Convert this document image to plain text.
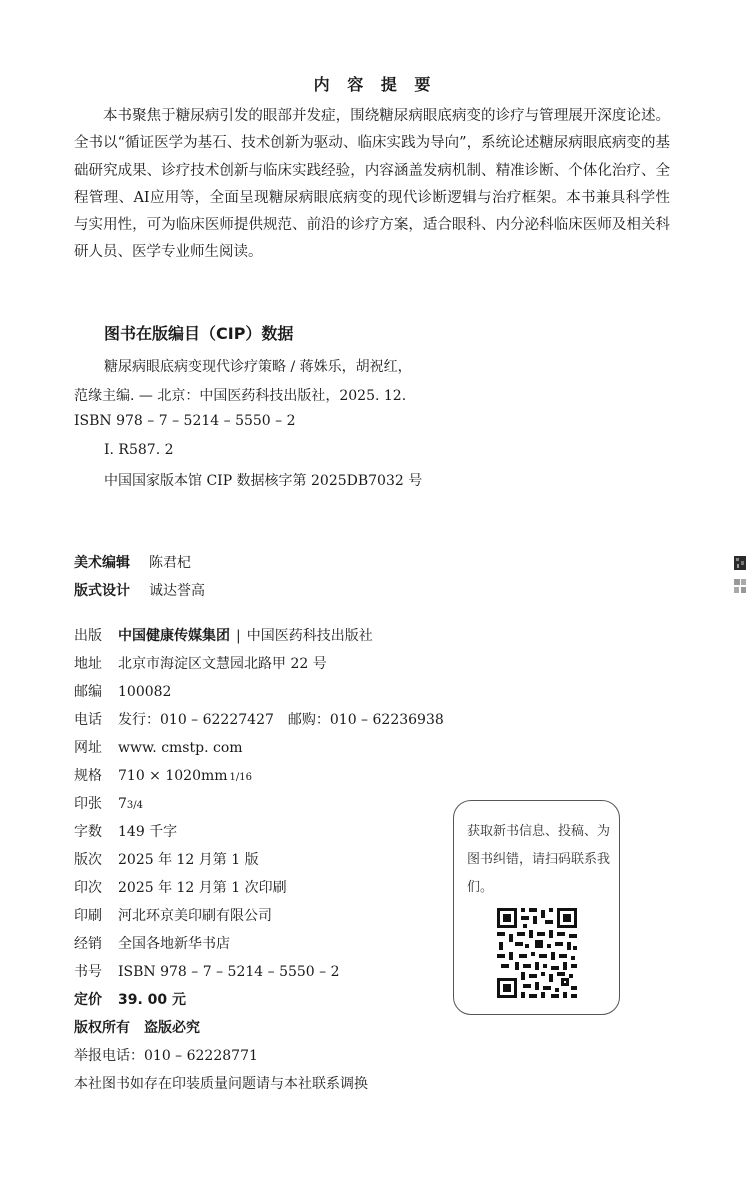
内 容 提 要

本书聚焦于糖尿病引发的眼部并发症，围绕糖尿病眼底病变的诊疗与管理展开深度论述。全书以“循证医学为基石、技术创新为驱动、临床实践为导向”，系统论述糖尿病眼底病变的基础研究成果、诊疗技术创新与临床实践经验，内容涵盖发病机制、精准诊断、个体化治疗、全程管理、AI应用等，全面呈现糖尿病眼底病变的现代诊断逻辑与治疗框架。本书兼具科学性与实用性，可为临床医师提供规范、前沿的诊疗方案，适合眼科、内分泌科临床医师及相关科研人员、医学专业师生阅读。

图书在版编目（CIP）数据
糖尿病眼底病变现代诊疗策略 / 蒋姝乐，胡祝红，
范缘主编. — 北京：中国医药科技出版社，2025. 12.
ISBN 978 – 7 – 5214 – 5550 – 2
Ⅰ. R587. 2
中国国家版本馆 CIP 数据核字第 2025DB7032 号
美术编辑 陈君杞
版式设计 诚达誉高
出版 中国健康传媒集团 | 中国医药科技出版社
地址 北京市海淀区文慧园北路甲 22 号
邮编 100082
电话 发行：010 – 62227427　邮购：010 – 62236938
网址 www. cmstp. com
规格 710 × 1020mm 1/16
印张 73/4
字数 149 千字
版次 2025 年 12 月第 1 版
印次 2025 年 12 月第 1 次印刷
印刷 河北环京美印刷有限公司
经销 全国各地新华书店
书号 ISBN 978 – 7 – 5214 – 5550 – 2
定价 39. 00 元
版权所有　盗版必究
举报电话：010 – 62228771
本社图书如存在印装质量问题请与本社联系调换
获取新书信息、投稿、为图书纠错，请扫码联系我们。
